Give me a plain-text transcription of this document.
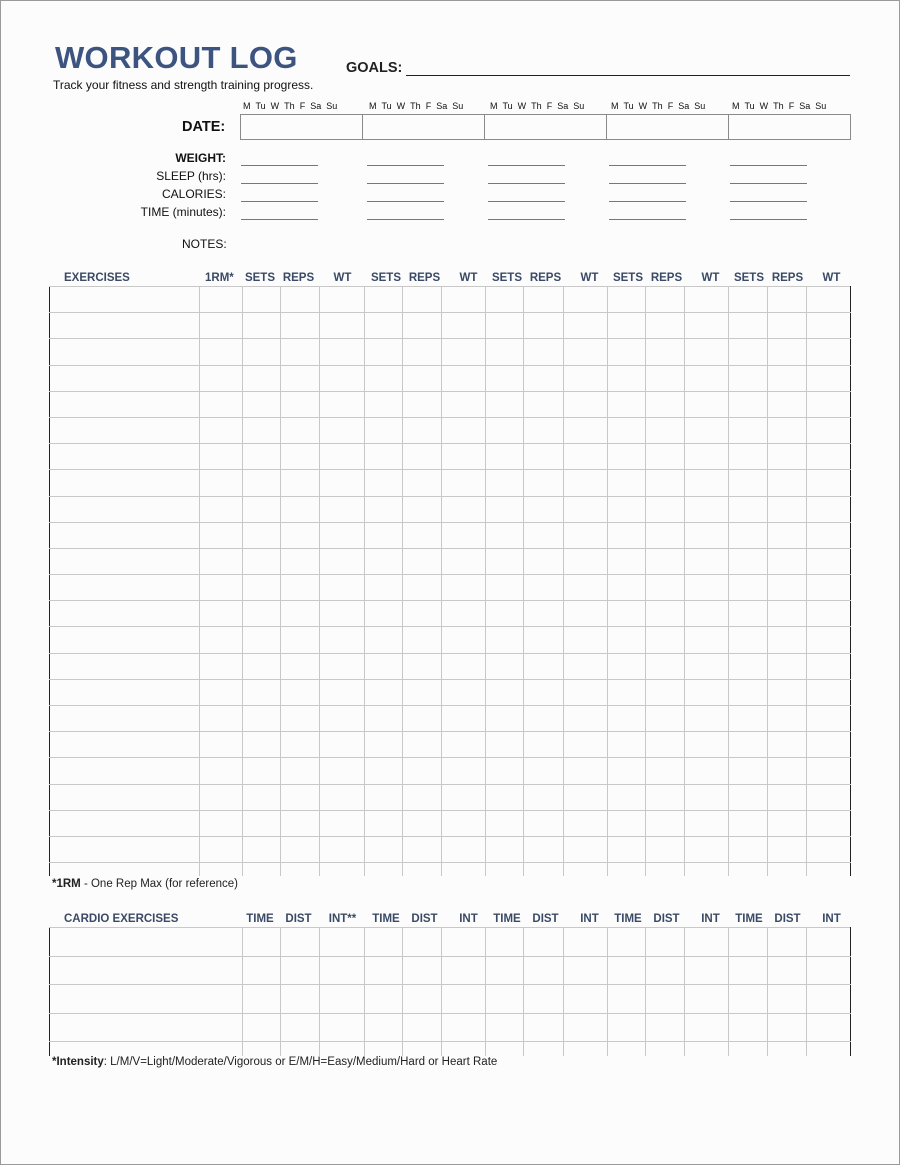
WORKOUT LOG
Track your fitness and strength training progress.
GOALS:
M Tu W Th F Sa Su	M Tu W Th F Sa Su	M Tu W Th F Sa Su	M Tu W Th F Sa Su	M Tu W Th F Sa Su
DATE:
WEIGHT:
SLEEP (hrs):
CALORIES:
TIME (minutes):
NOTES:
EXERCISES	1RM* SETS REPS	WT	SETS REPS	WT	SETS REPS	WT	SETS REPS	WT	SETS REPS	WT

*1RM - One Rep Max (for reference)
CARDIO EXERCISES	TIME	DIST	INT**	TIME	DIST	INT	TIME	DIST	INT	TIME	DIST	INT	TIME	DIST	INT

*Intensity: L/M/V=Light/Moderate/Vigorous or E/M/H=Easy/Medium/Hard or Heart Rate
